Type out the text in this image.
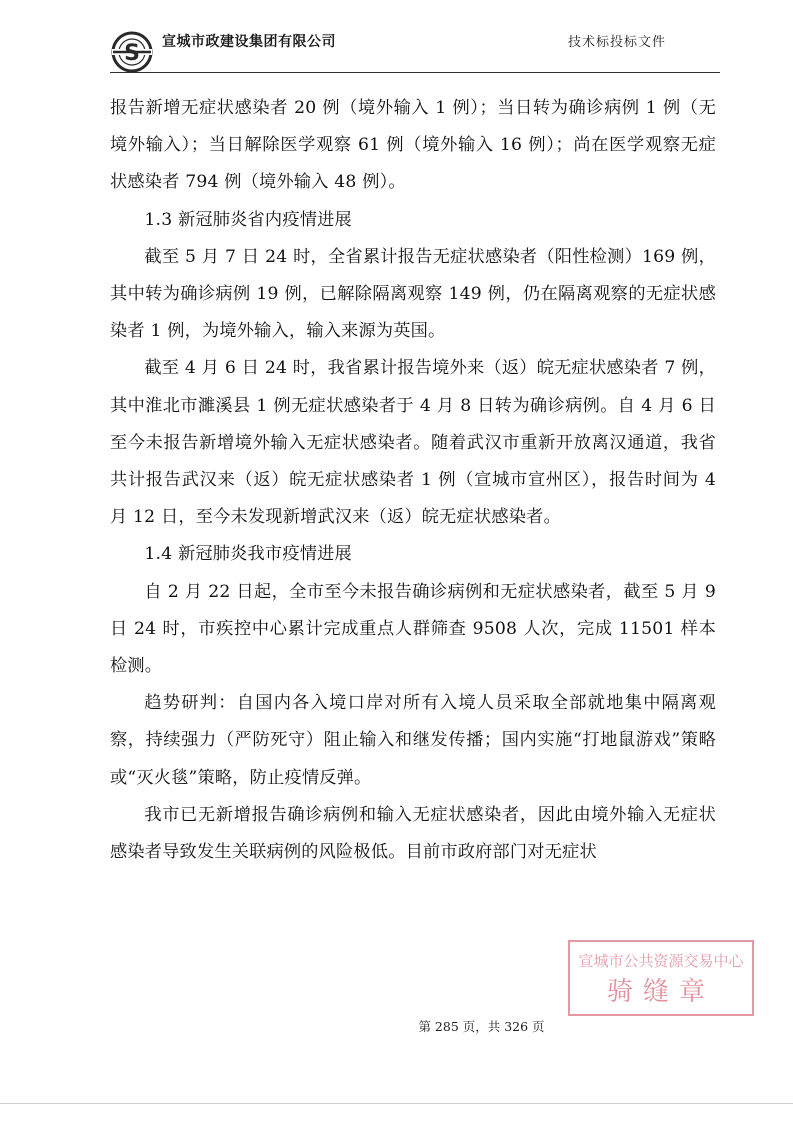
S 宣城市政建设集团有限公司	技术标投标文件

报告新增无症状感染者 20 例（境外输入 1 例）；当日转为确诊病例 1 例（无境外输入）；当日解除医学观察 61 例（境外输入 16 例）；尚在医学观察无症状感染者 794 例（境外输入 48 例）。

1.3 新冠肺炎省内疫情进展

截至 5 月 7 日 24 时，全省累计报告无症状感染者（阳性检测）169 例，其中转为确诊病例 19 例，已解除隔离观察 149 例，仍在隔离观察的无症状感染者 1 例，为境外输入，输入来源为英国。

截至 4 月 6 日 24 时，我省累计报告境外来（返）皖无症状感染者 7 例，其中淮北市濉溪县 1 例无症状感染者于 4 月 8 日转为确诊病例。自 4 月 6 日至今未报告新增境外输入无症状感染者。随着武汉市重新开放离汉通道，我省共计报告武汉来（返）皖无症状感染者 1 例（宣城市宣州区），报告时间为 4 月 12 日，至今未发现新增武汉来（返）皖无症状感染者。

1.4 新冠肺炎我市疫情进展

自 2 月 22 日起，全市至今未报告确诊病例和无症状感染者，截至 5 月 9 日 24 时，市疾控中心累计完成重点人群筛查 9508 人次，完成 11501 样本检测。

趋势研判：自国内各入境口岸对所有入境人员采取全部就地集中隔离观察，持续强力（严防死守）阻止输入和继发传播；国内实施“打地鼠游戏”策略或“灭火毯”策略，防止疫情反弹。

我市已无新增报告确诊病例和输入无症状感染者，因此由境外输入无症状感染者导致发生关联病例的风险极低。目前市政府部门对无症状

宣城市公共资源交易中心
骑缝章
第 285 页，共 326 页
